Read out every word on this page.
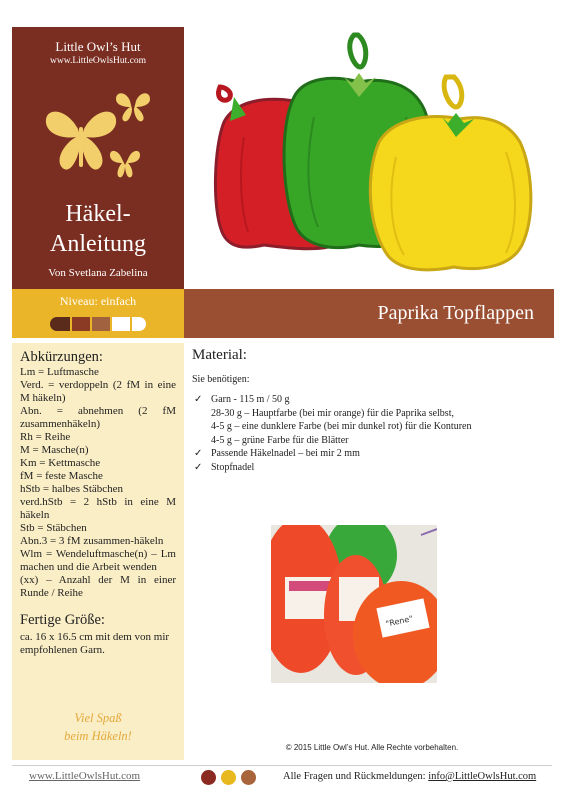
Little Owl’s Hut
www.LittleOwlsHut.com
Häkel-
Anleitung
Von Svetlana Zabelina
Niveau: einfach
Paprika Topflappen
Abkürzungen:
Lm = Luftmasche
Verd. = verdoppeln (2 fM in eine M häkeln)
Abn. = abnehmen (2 fM zusammenhäkeln)
Rh = Reihe
M = Masche(n)
Km = Kettmasche
fM = feste Masche
hStb = halbes Stäbchen
verd.hStb = 2 hStb in eine M häkeln
Stb = Stäbchen
Abn.3 = 3 fM zusammen-häkeln
Wlm = Wendeluftmasche(n) – Lm machen und die Arbeit wenden
(xx) – Anzahl der M in einer Runde / Reihe
Fertige Größe:
ca. 16 x 16.5 cm mit dem von mir empfohlenen Garn.
Viel Spaß
beim Häkeln!
Material:
Sie benötigen:
✓ Garn - 115 m / 50 g
28-30 g – Hauptfarbe (bei mir orange) für die Paprika selbst,
4-5 g – eine dunklere Farbe (bei mir dunkel rot) für die Konturen
4-5 g – grüne Farbe für die Blätter
✓ Passende Häkelnadel – bei mir 2 mm
✓ Stopfnadel
"Rene"
© 2015 Little Owl’s Hut. Alle Rechte vorbehalten.
www.LittleOwlsHut.com	Alle Fragen und Rückmeldungen: info@LittleOwlsHut.com
